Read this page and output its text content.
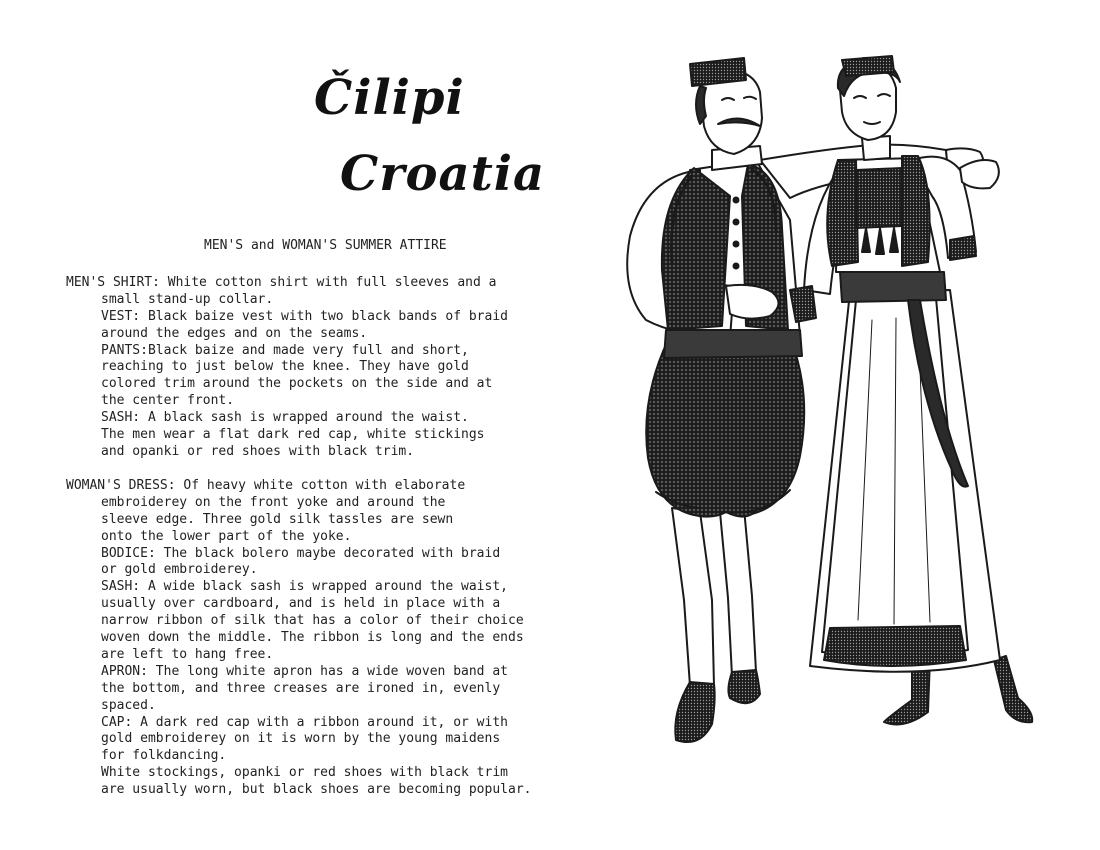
Čilipi
Croatia
MEN'S and WOMAN'S SUMMER ATTIRE
MEN'S SHIRT: White cotton shirt with full sleeves and a
small stand-up collar.
VEST: Black baize vest with two black bands of braid
around the edges and on the seams.
PANTS:Black baize and made very full and short,
reaching to just below the knee. They have gold
colored trim around the pockets on the side and at
the center front.
SASH: A black sash is wrapped around the waist.
The men wear a flat dark red cap, white stickings
and opanki or red shoes with black trim.
WOMAN'S DRESS: Of heavy white cotton with elaborate
embroiderey on the front yoke and around the
sleeve edge. Three gold silk tassles are sewn
onto the lower part of the yoke.
BODICE: The black bolero maybe decorated with braid
or gold embroiderey.
SASH: A wide black sash is wrapped around the waist,
usually over cardboard, and is held in place with a
narrow ribbon of silk that has a color of their choice
woven down the middle. The ribbon is long and the ends
are left to hang free.
APRON: The long white apron has a wide woven band at
the bottom, and three creases are ironed in, evenly
spaced.
CAP: A dark red cap with a ribbon around it, or with
gold embroiderey on it is worn by the young maidens
for folkdancing.
White stockings, opanki or red shoes with black trim
are usually worn, but black shoes are becoming popular.
